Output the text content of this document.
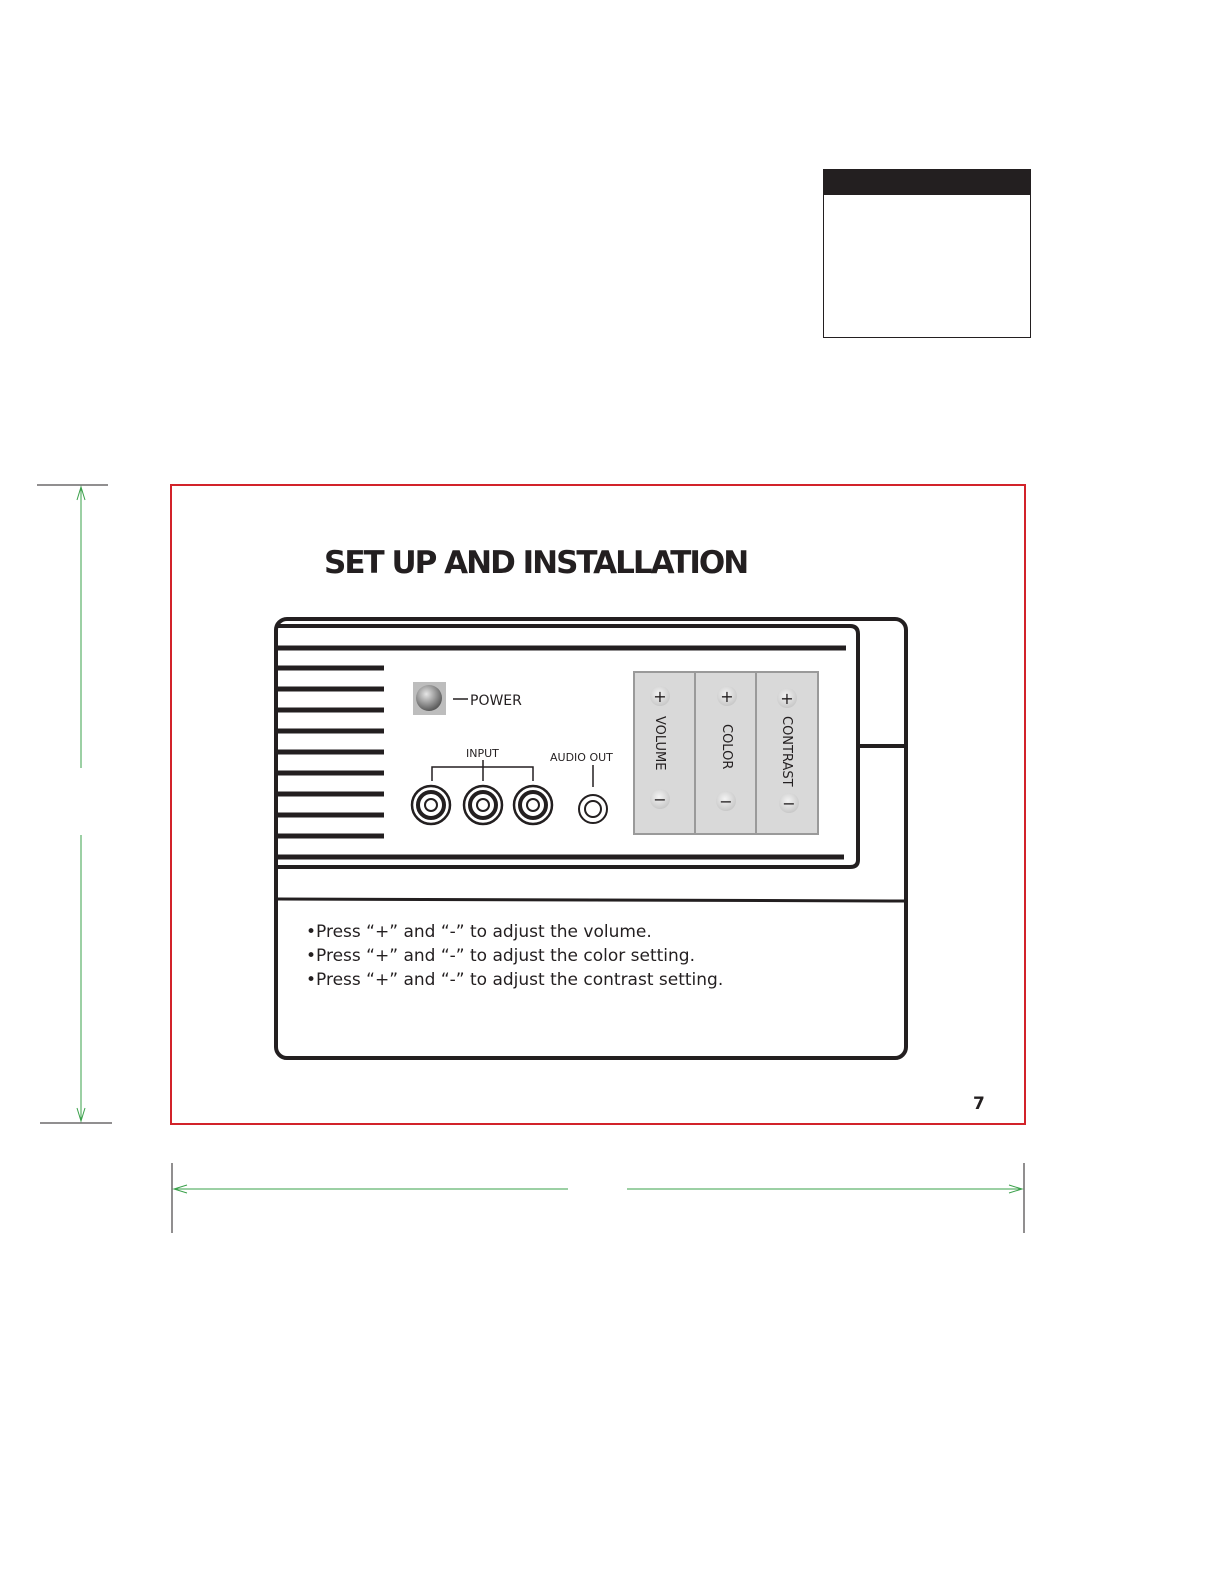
POWER
INPUT	AUDIO OUT
+
VOLUME
−
+
COLOR
−
+
CONTRAST
−
SET UP AND INSTALLATION
• Press “+” and “-” to adjust the volume.
• Press “+” and “-” to adjust the color setting.
• Press “+” and “-” to adjust the contrast setting.
7
